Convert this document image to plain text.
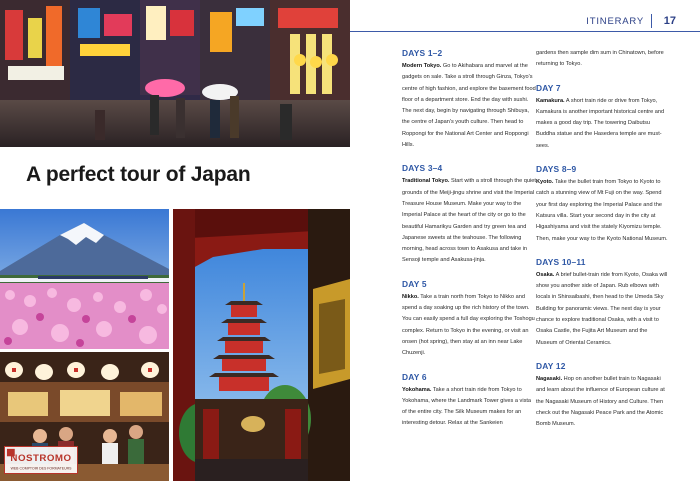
A perfect tour of Japan
NOSTROMO
WEB COMPTOIR DES FORMATEURS
ITINERARY 17
DAYS 1–2

Modern Tokyo. Go to Akihabara and marvel at the gadgets on sale. Take a stroll through Ginza, Tokyo's centre of high fashion, and explore the basement food floor of a department store. End the day with sushi. The next day, begin by navigating through Shibuya, the centre of Japan's youth culture. Then head to Roppongi for the National Art Center and Roppongi Hills.

DAYS 3–4

Traditional Tokyo. Start with a stroll through the quiet grounds of the Meiji-jingu shrine and visit the Imperial Treasure House Museum. Make your way to the Imperial Palace at the heart of the city or go to the beautiful Hamarikyu Garden and try green tea and Japanese sweets at the teahouse. The following morning, head across town to Asakusa and take in Sensoji temple and Asakusa-jinja.

DAY 5

Nikko. Take a train north from Tokyo to Nikko and spend a day soaking up the rich history of the town. You can easily spend a full day exploring the Toshogu complex. Return to Tokyo in the evening, or visit an onsen (hot spring), then stay at an inn near Lake Chuzenji.

DAY 6

Yokohama. Take a short train ride from Tokyo to Yokohama, where the Landmark Tower gives a vista of the entire city. The Silk Museum makes for an interesting detour. Relax at the Sankeien

gardens then sample dim sum in Chinatown, before returning to Tokyo.

DAY 7

Kamakura. A short train ride or drive from Tokyo, Kamakura is another important historical centre and makes a good day trip. The towering Daibutsu Buddha statue and the Hasedera temple are must-sees.

DAYS 8–9

Kyoto. Take the bullet train from Tokyo to Kyoto to catch a stunning view of Mt Fuji on the way. Spend your first day exploring the Imperial Palace and the Katsura villa. Start your second day in the city at Higashiyama and visit the stately Kiyomizu temple. Then, make your way to the Kyoto National Museum.

DAYS 10–11

Osaka. A brief bullet-train ride from Kyoto, Osaka will show you another side of Japan. Rub elbows with locals in Shinsaibashi, then head to the Umeda Sky Building for panoramic views. The next day is your chance to explore traditional Osaka, with a visit to Osaka Castle, the Fujita Art Museum and the Museum of Oriental Ceramics.

DAY 12

Nagasaki. Hop on another bullet train to Nagasaki and learn about the influence of European culture at the Nagasaki Museum of History and Culture. Then check out the Nagasaki Peace Park and the Atomic Bomb Museum.
